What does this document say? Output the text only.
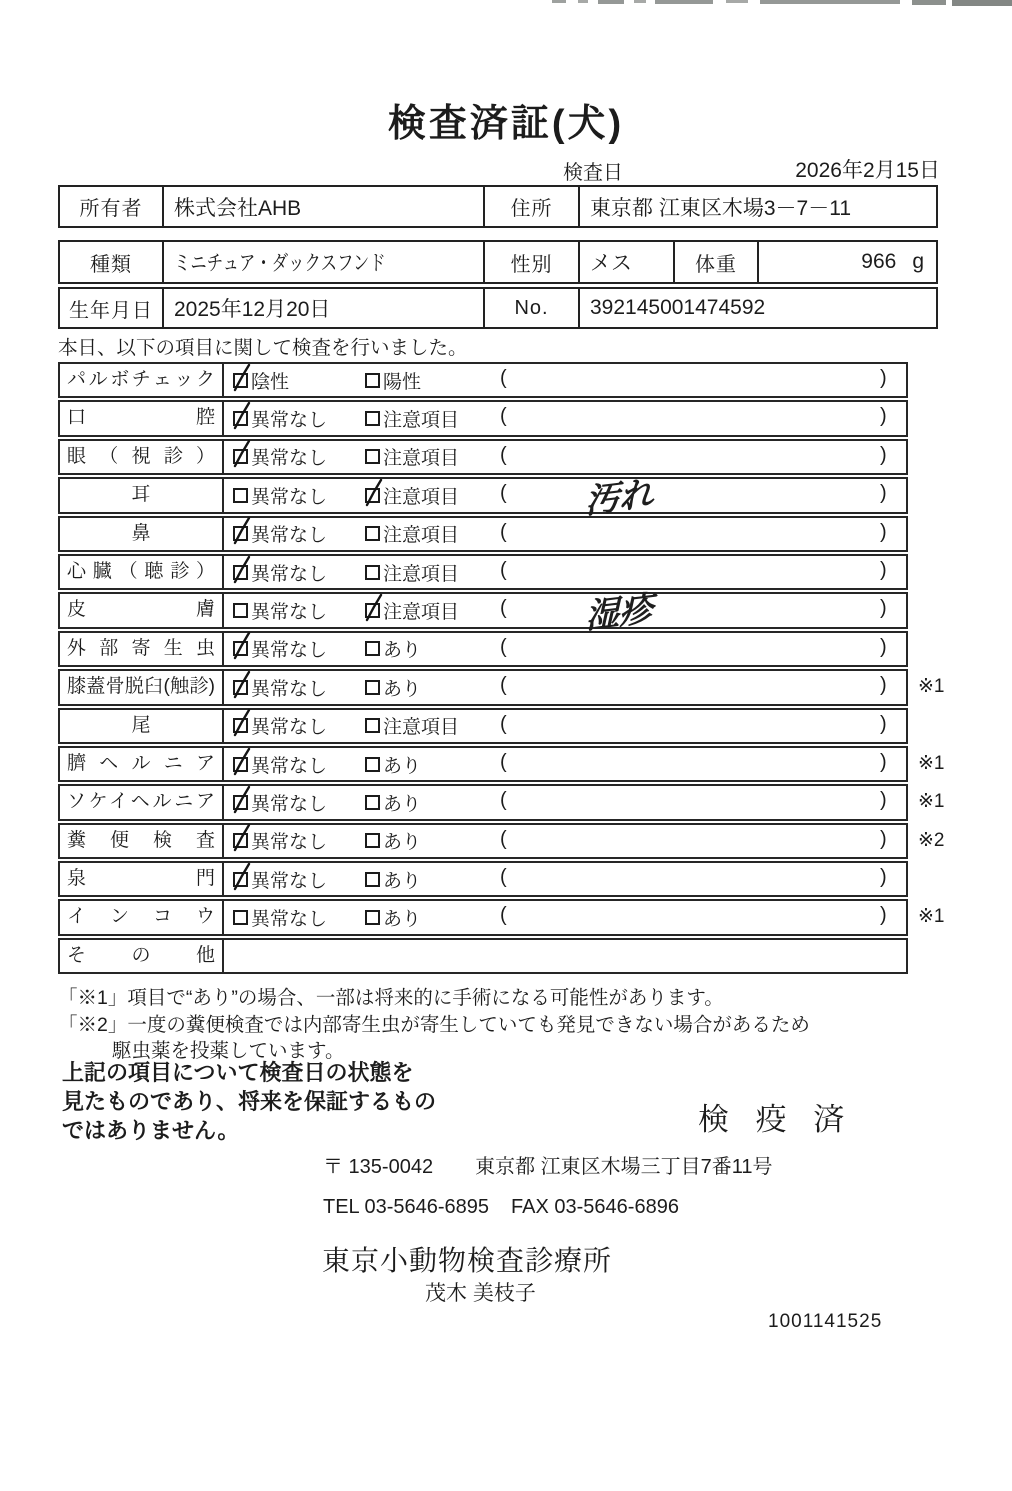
検査済証(犬)
検査日	2026年2月15日
所有者	株式会社AHB	住所	東京都 江東区木場3－7－11
種類	ミニチュア・ダックスフンド	性別	メス	体重	966 g
生年月日	2025年12月20日	No.	392145001474592
本日、以下の項目に関して検査を行いました。
パルボチェック	陰性	陽性	(	)
口腔	異常なし	注意項目 (	)
眼（視診）	異常なし	注意項目 (	)
耳	異常なし	注意項目 (	汚れ	)
鼻	異常なし	注意項目 (	)
心臓（聴診）	異常なし	注意項目 (	)
皮膚	異常なし	注意項目 (	湿疹	)
外部寄生虫	異常なし	あり	(	)
膝蓋骨脱臼(触診)	異常なし	あり	(	) ※1
尾	異常なし	注意項目 (	)
臍ヘルニア	異常なし	あり	(	) ※1
ソケイヘルニア	異常なし	あり	(	) ※1
糞便検査	異常なし	あり	(	) ※2
泉門	異常なし	あり	(	)
インコウ	異常なし	あり	(	) ※1
その他
「※1」項目で“あり”の場合、一部は将来的に手術になる可能性があります。
「※2」一度の糞便検査では内部寄生虫が寄生していても発見できない場合があるため
駆虫薬を投薬しています。
上記の項目について検査日の状態を
見たものであり、将来を保証するもの
ではありません。	検 疫 済
〒 135-0042 東京都 江東区木場三丁目7番11号
TEL 03-5646-6895 FAX 03-5646-6896
東京小動物検査診療所
茂木 美枝子
1001141525
